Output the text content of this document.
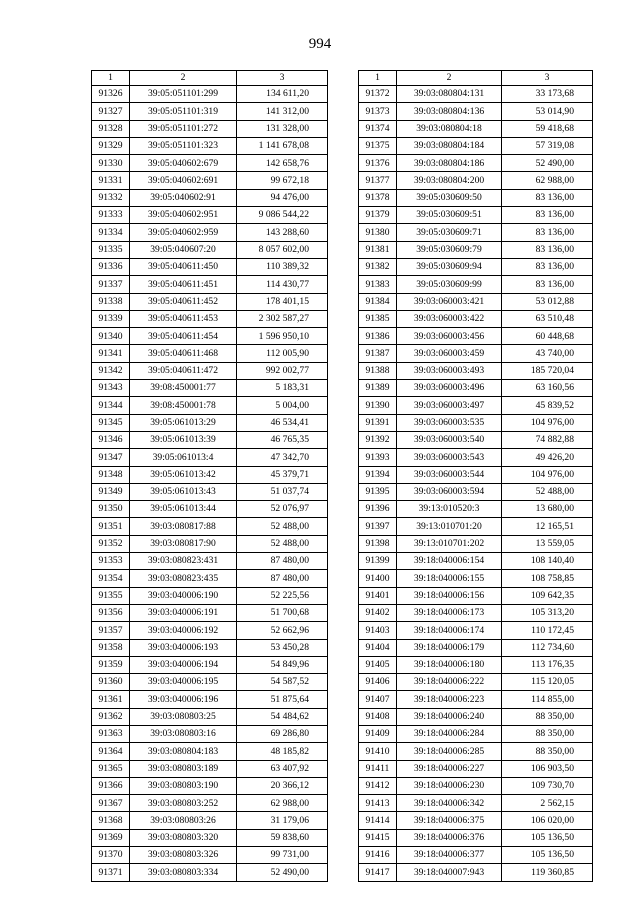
994
1	2	3
91326	39:05:051101:299	134 611,20
91327	39:05:051101:319	141 312,00
91328	39:05:051101:272	131 328,00
91329	39:05:051101:323	1 141 678,08
91330	39:05:040602:679	142 658,76
91331	39:05:040602:691	99 672,18
91332	39:05:040602:91	94 476,00
91333	39:05:040602:951	9 086 544,22
91334	39:05:040602:959	143 288,60
91335	39:05:040607:20	8 057 602,00
91336	39:05:040611:450	110 389,32
91337	39:05:040611:451	114 430,77
91338	39:05:040611:452	178 401,15
91339	39:05:040611:453	2 302 587,27
91340	39:05:040611:454	1 596 950,10
91341	39:05:040611:468	112 005,90
91342	39:05:040611:472	992 002,77
91343	39:08:450001:77	5 183,31
91344	39:08:450001:78	5 004,00
91345	39:05:061013:29	46 534,41
91346	39:05:061013:39	46 765,35
91347	39:05:061013:4	47 342,70
91348	39:05:061013:42	45 379,71
91349	39:05:061013:43	51 037,74
91350	39:05:061013:44	52 076,97
91351	39:03:080817:88	52 488,00
91352	39:03:080817:90	52 488,00
91353	39:03:080823:431	87 480,00
91354	39:03:080823:435	87 480,00
91355	39:03:040006:190	52 225,56
91356	39:03:040006:191	51 700,68
91357	39:03:040006:192	52 662,96
91358	39:03:040006:193	53 450,28
91359	39:03:040006:194	54 849,96
91360	39:03:040006:195	54 587,52
91361	39:03:040006:196	51 875,64
91362	39:03:080803:25	54 484,62
91363	39:03:080803:16	69 286,80
91364	39:03:080804:183	48 185,82
91365	39:03:080803:189	63 407,92
91366	39:03:080803:190	20 366,12
91367	39:03:080803:252	62 988,00
91368	39:03:080803:26	31 179,06
91369	39:03:080803:320	59 838,60
91370	39:03:080803:326	99 731,00
91371	39:03:080803:334	52 490,00
1	2	3
91372	39:03:080804:131	33 173,68
91373	39:03:080804:136	53 014,90
91374	39:03:080804:18	59 418,68
91375	39:03:080804:184	57 319,08
91376	39:03:080804:186	52 490,00
91377	39:03:080804:200	62 988,00
91378	39:05:030609:50	83 136,00
91379	39:05:030609:51	83 136,00
91380	39:05:030609:71	83 136,00
91381	39:05:030609:79	83 136,00
91382	39:05:030609:94	83 136,00
91383	39:05:030609:99	83 136,00
91384	39:03:060003:421	53 012,88
91385	39:03:060003:422	63 510,48
91386	39:03:060003:456	60 448,68
91387	39:03:060003:459	43 740,00
91388	39:03:060003:493	185 720,04
91389	39:03:060003:496	63 160,56
91390	39:03:060003:497	45 839,52
91391	39:03:060003:535	104 976,00
91392	39:03:060003:540	74 882,88
91393	39:03:060003:543	49 426,20
91394	39:03:060003:544	104 976,00
91395	39:03:060003:594	52 488,00
91396	39:13:010520:3	13 680,00
91397	39:13:010701:20	12 165,51
91398	39:13:010701:202	13 559,05
91399	39:18:040006:154	108 140,40
91400	39:18:040006:155	108 758,85
91401	39:18:040006:156	109 642,35
91402	39:18:040006:173	105 313,20
91403	39:18:040006:174	110 172,45
91404	39:18:040006:179	112 734,60
91405	39:18:040006:180	113 176,35
91406	39:18:040006:222	115 120,05
91407	39:18:040006:223	114 855,00
91408	39:18:040006:240	88 350,00
91409	39:18:040006:284	88 350,00
91410	39:18:040006:285	88 350,00
91411	39:18:040006:227	106 903,50
91412	39:18:040006:230	109 730,70
91413	39:18:040006:342	2 562,15
91414	39:18:040006:375	106 020,00
91415	39:18:040006:376	105 136,50
91416	39:18:040006:377	105 136,50
91417	39:18:040007:943	119 360,85
